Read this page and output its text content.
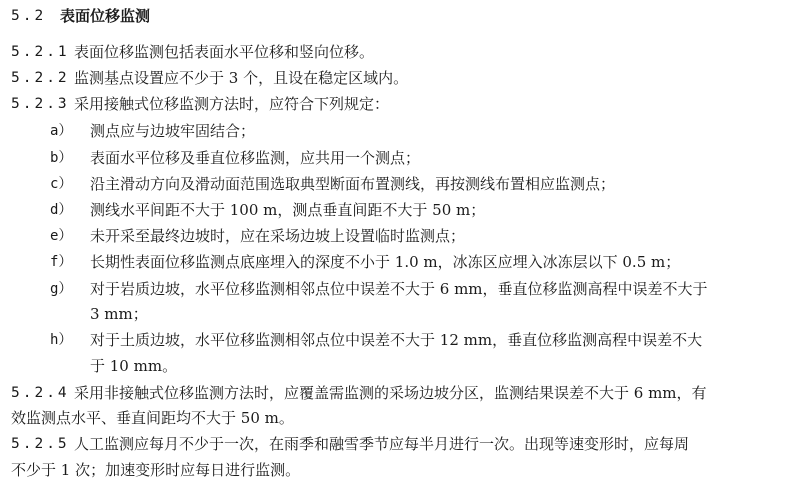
5.2 表面位移监测
5.2.1 表面位移监测包括表面水平位移和竖向位移。
5.2.2 监测基点设置应不少于 3 个，且设在稳定区域内。
5.2.3 采用接触式位移监测方法时，应符合下列规定：
a） 测点应与边坡牢固结合；
b） 表面水平位移及垂直位移监测，应共用一个测点；
c） 沿主滑动方向及滑动面范围选取典型断面布置测线，再按测线布置相应监测点；
d） 测线水平间距不大于 100 m，测点垂直间距不大于 50 m；
e） 未开采至最终边坡时，应在采场边坡上设置临时监测点；
f） 长期性表面位移监测点底座埋入的深度不小于 1.0 m，冰冻区应埋入冰冻层以下 0.5 m；
g） 对于岩质边坡，水平位移监测相邻点位中误差不大于 6 mm，垂直位移监测高程中误差不大于
3 mm；
h） 对于土质边坡，水平位移监测相邻点位中误差不大于 12 mm，垂直位移监测高程中误差不大
于 10 mm。
5.2.4 采用非接触式位移监测方法时，应覆盖需监测的采场边坡分区，监测结果误差不大于 6 mm，有
效监测点水平、垂直间距均不大于 50 m。
5.2.5 人工监测应每月不少于一次，在雨季和融雪季节应每半月进行一次。出现等速变形时，应每周
不少于 1 次；加速变形时应每日进行监测。
